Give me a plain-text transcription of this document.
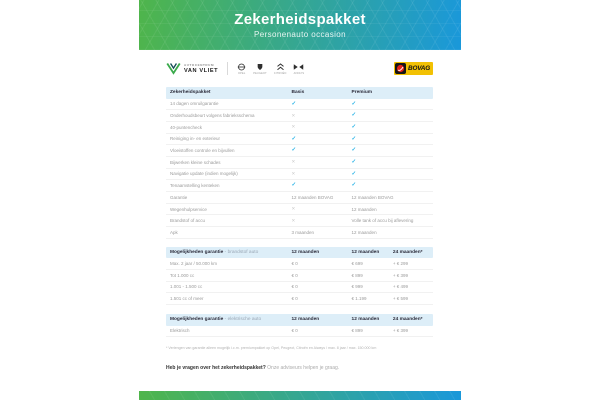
Zekerheidspakket
Personenauto occasion
AUTOCENTRUM
VAN VLIET	OPEL	PEUGEOT	CITROËN	AIWAYS
BOVAG
Zekerheidspakket	Basis	Premium
14 dagen omruilgarantie	✓	✓
Onderhoudsbeurt volgens fabrieksschema	✕	✓
40-puntencheck	✕	✓
Reiniging in- en exterieur	✓	✓
Vloeistoffen controle en bijvullen	✓	✓
Bijwerken kleine schades	✕	✓
Navigatie update (indien mogelijk)	✕	✓
Tenaamstelling kenteken	✓	✓
Garantie	12 maanden BOVAG	12 maanden BOVAG
Wegenhulpservice	✕	12 maanden
Brandstof of accu	✕	Volle tank of accu bij aflevering
Apk	3 maanden	12 maanden
Mogelijkheden garantie - brandstof auto	12 maanden	12 maanden	24 maanden*
Max. 2 jaar / 50.000 km	€ 0	€ 699	+ € 299
Tot 1.000 cc	€ 0	€ 899	+ € 399
1.001 - 1.500 cc	€ 0	€ 999	+ € 499
1.501 cc of meer	€ 0	€ 1.199	+ € 599
Mogelijkheden garantie - elektrische auto	12 maanden	12 maanden	24 maanden*
Elektrisch	€ 0	€ 899	+ € 399
* Verlengen van garantie alleen mogelijk i.c.m. premiumpakket op Opel, Peugeot, Citroën en Aiways / max. 8 jaar / max. 150.000 km
Heb je vragen over het zekerheidspakket? Onze adviseurs helpen je graag.
